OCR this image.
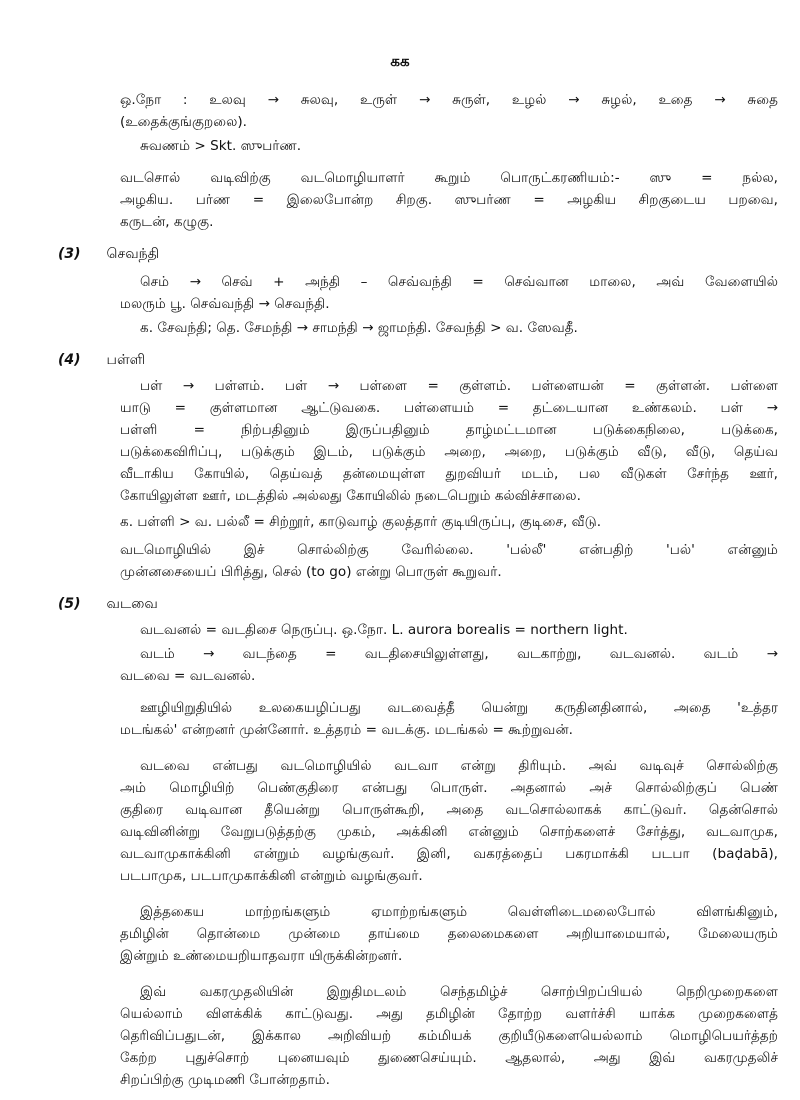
கக
ஒ.நோ : உலவு → சுலவு, உருள் → சுருள், உழல் → சுழல், உதை → சுதை
(உதைக்குங்குறலை).
சுவணம் > Skt. ஸுபர்ண.
வடசொல் வடிவிற்கு வடமொழியாளர் கூறும் பொருட்கரணியம்:- ஸு = நல்ல,
அழகிய. பர்ண = இலைபோன்ற சிறகு. ஸுபர்ண = அழகிய சிறகுடைய பறவை,
கருடன், கழுகு.
(3) செவந்தி
செம் → செவ் + அந்தி – செவ்வந்தி = செவ்வான மாலை, அவ் வேளையில்
மலரும் பூ. செவ்வந்தி → செவந்தி.
க. சேவந்தி; தெ. சேமந்தி → சாமந்தி → ஜாமந்தி. சேவந்தி > வ. ஸேவதீ.
(4) பள்ளி
பள் → பள்ளம். பள் → பள்ளை = குள்ளம். பள்ளையன் = குள்ளன். பள்ளை
யாடு = குள்ளமான ஆட்டுவகை. பள்ளையம் = தட்டையான உண்கலம். பள் →
பள்ளி = நிற்பதினும் இருப்பதினும் தாழ்மட்டமான படுக்கைநிலை, படுக்கை,
படுக்கைவிரிப்பு, படுக்கும் இடம், படுக்கும் அறை, அறை, படுக்கும் வீடு, வீடு, தெய்வ
வீடாகிய கோயில், தெய்வத் தன்மையுள்ள துறவியர் மடம், பல வீடுகள் சேர்ந்த ஊர்,
கோயிலுள்ள ஊர், மடத்தில் அல்லது கோயிலில் நடைபெறும் கல்விச்சாலை.
க. பள்ளி > வ. பல்லீ = சிற்றூர், காடுவாழ் குலத்தார் குடியிருப்பு, குடிசை, வீடு.
வடமொழியில் இச் சொல்லிற்கு வேரில்லை. 'பல்லீ' என்பதிற் 'பல்' என்னும்
முன்னசையைப் பிரித்து, செல் (to go) என்று பொருள் கூறுவர்.
(5) வடவை
வடவனல் = வடதிசை நெருப்பு. ஒ.நோ. L. aurora borealis = northern light.
வடம் → வடந்தை = வடதிசையிலுள்ளது, வடகாற்று, வடவனல். வடம் →
வடவை = வடவனல்.
ஊழியிறுதியில் உலகையழிப்பது வடவைத்தீ யென்று கருதினதினால், அதை 'உத்தர
மடங்கல்' என்றனர் முன்னோர். உத்தரம் = வடக்கு. மடங்கல் = கூற்றுவன்.
வடவை என்பது வடமொழியில் வடவா என்று திரியும். அவ் வடிவுச் சொல்லிற்கு
அம் மொழியிற் பெண்குதிரை என்பது பொருள். அதனால் அச் சொல்லிற்குப் பெண்
குதிரை வடிவான தீயென்று பொருள்கூறி, அதை வடசொல்லாகக் காட்டுவர். தென்சொல்
வடிவினின்று வேறுபடுத்தற்கு முகம், அக்கினி என்னும் சொற்களைச் சேர்த்து, வடவாமுக,
வடவாமுகாக்கினி என்றும் வழங்குவர். இனி, வகரத்தைப் பகரமாக்கி படபா (baḍabā),
படபாமுக, படபாமுகாக்கினி என்றும் வழங்குவர்.
இத்தகைய மாற்றங்களும் ஏமாற்றங்களும் வெள்ளிடைமலைபோல் விளங்கினும்,
தமிழின் தொன்மை முன்மை தாய்மை தலைமைகளை அறியாமையால், மேலையரும்
இன்றும் உண்மையறியாதவரா யிருக்கின்றனர்.
இவ் வகரமுதலியின் இறுதிமடலம் செந்தமிழ்ச் சொற்பிறப்பியல் நெறிமுறைகளை
யெல்லாம் விளக்கிக் காட்டுவது. அது தமிழின் தோற்ற வளர்ச்சி யாக்க முறைகளைத்
தெரிவிப்பதுடன், இக்கால அறிவியற் கம்மியக் குறியீடுகளையெல்லாம் மொழிபெயர்த்தற்
கேற்ற புதுச்சொற் புனையவும் துணைசெய்யும். ஆதலால், அது இவ் வகரமுதலிச்
சிறப்பிற்கு முடிமணி போன்றதாம்.
